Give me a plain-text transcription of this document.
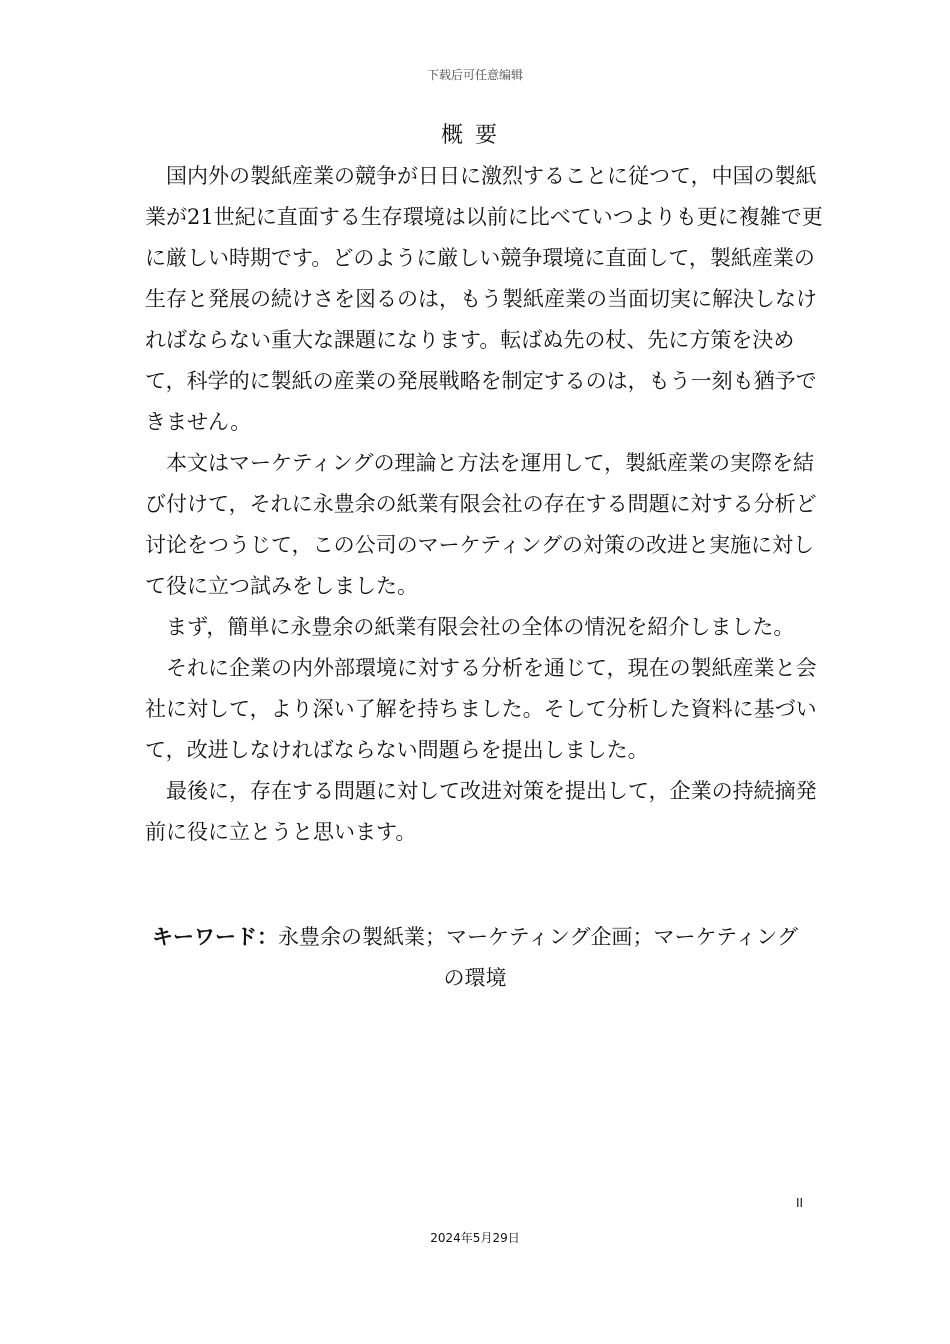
下载后可任意编辑
概要

国内外の製紙産業の競争が日日に激烈することに従つて，中国の製紙業が21世紀に直面する生存環境は以前に比べていつよりも更に複雑で更に厳しい時期です。どのように厳しい競争環境に直面して，製紙産業の生存と発展の続けさを図るのは，もう製紙産業の当面切実に解決しなければならない重大な課題になります。転ばぬ先の杖、先に方策を決めて，科学的に製紙の産業の発展戦略を制定するのは，もう一刻も猶予できません。

本文はマーケティングの理論と方法を運用して，製紙産業の実際を結び付けて，それに永豊余の紙業有限会社の存在する問題に対する分析ど讨论をつうじて，この公司のマーケティングの対策の改进と実施に対して役に立つ試みをしました。

まず，簡単に永豊余の紙業有限会社の全体の情況を紹介しました。

それに企業の内外部環境に対する分析を通じて，現在の製紙産業と会社に対して，より深い了解を持ちました。そして分析した資料に基づいて，改进しなければならない問題らを提出しました。

最後に，存在する問題に対して改进対策を提出して，企業の持続摘発前に役に立とうと思います。

キーワード：永豊余の製紙業；マーケティング企画；マーケティングの環境
II
2024年5月29日
